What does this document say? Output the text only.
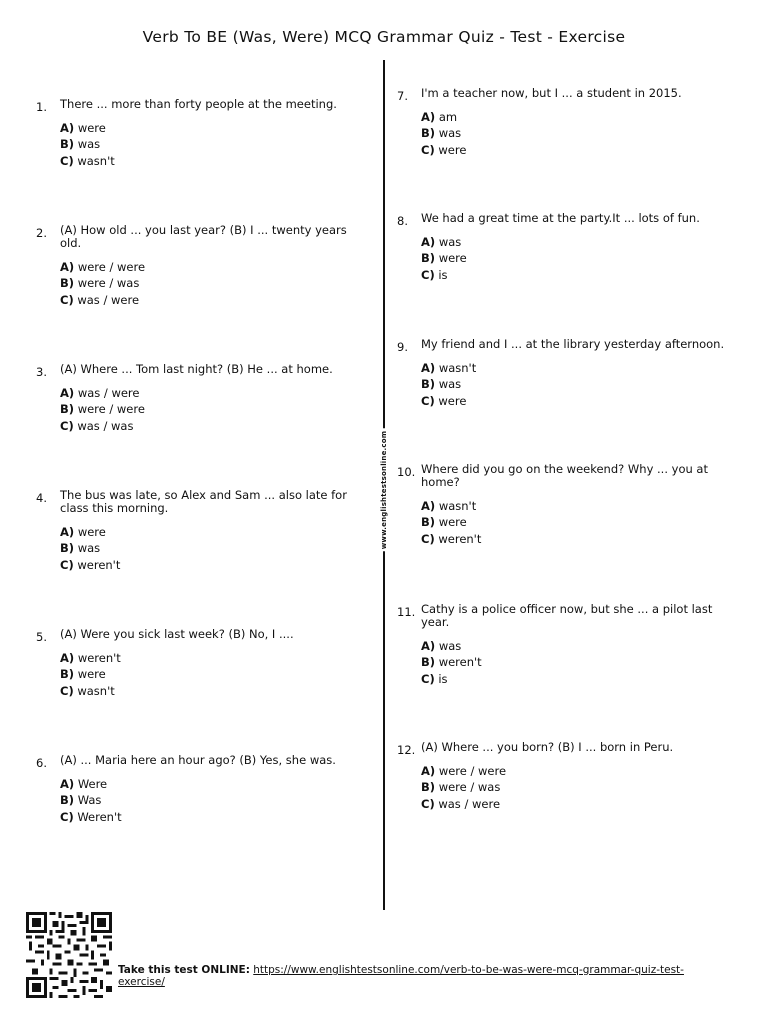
Verb To BE (Was, Were) MCQ Grammar Quiz - Test - Exercise
www.englishtestsonline.com
1. There ... more than forty people at the meeting.
A) were
B) was
C) wasn't
2. (A) How old ... you last year? (B) I ... twenty years old.
A) were / were
B) were / was
C) was / were
3. (A) Where ... Tom last night? (B) He ... at home.
A) was / were
B) were / were
C) was / was
4. The bus was late, so Alex and Sam ... also late for class this morning.
A) were
B) was
C) weren't
5. (A) Were you sick last week? (B) No, I ....
A) weren't
B) were
C) wasn't
6. (A) ... Maria here an hour ago? (B) Yes, she was.
A) Were
B) Was
C) Weren't
7. I'm a teacher now, but I ... a student in 2015.
A) am
B) was
C) were
8. We had a great time at the party.It ... lots of fun.
A) was
B) were
C) is
9. My friend and I ... at the library yesterday afternoon.
A) wasn't
B) was
C) were
10. Where did you go on the weekend? Why ... you at home?
A) wasn't
B) were
C) weren't
11. Cathy is a police officer now, but she ... a pilot last year.
A) was
B) weren't
C) is
12. (A) Where ... you born? (B) I ... born in Peru.
A) were / were
B) were / was
C) was / were
Take this test ONLINE: https://www.englishtestsonline.com/verb-to-be-was-were-mcq-grammar-quiz-test-exercise/
